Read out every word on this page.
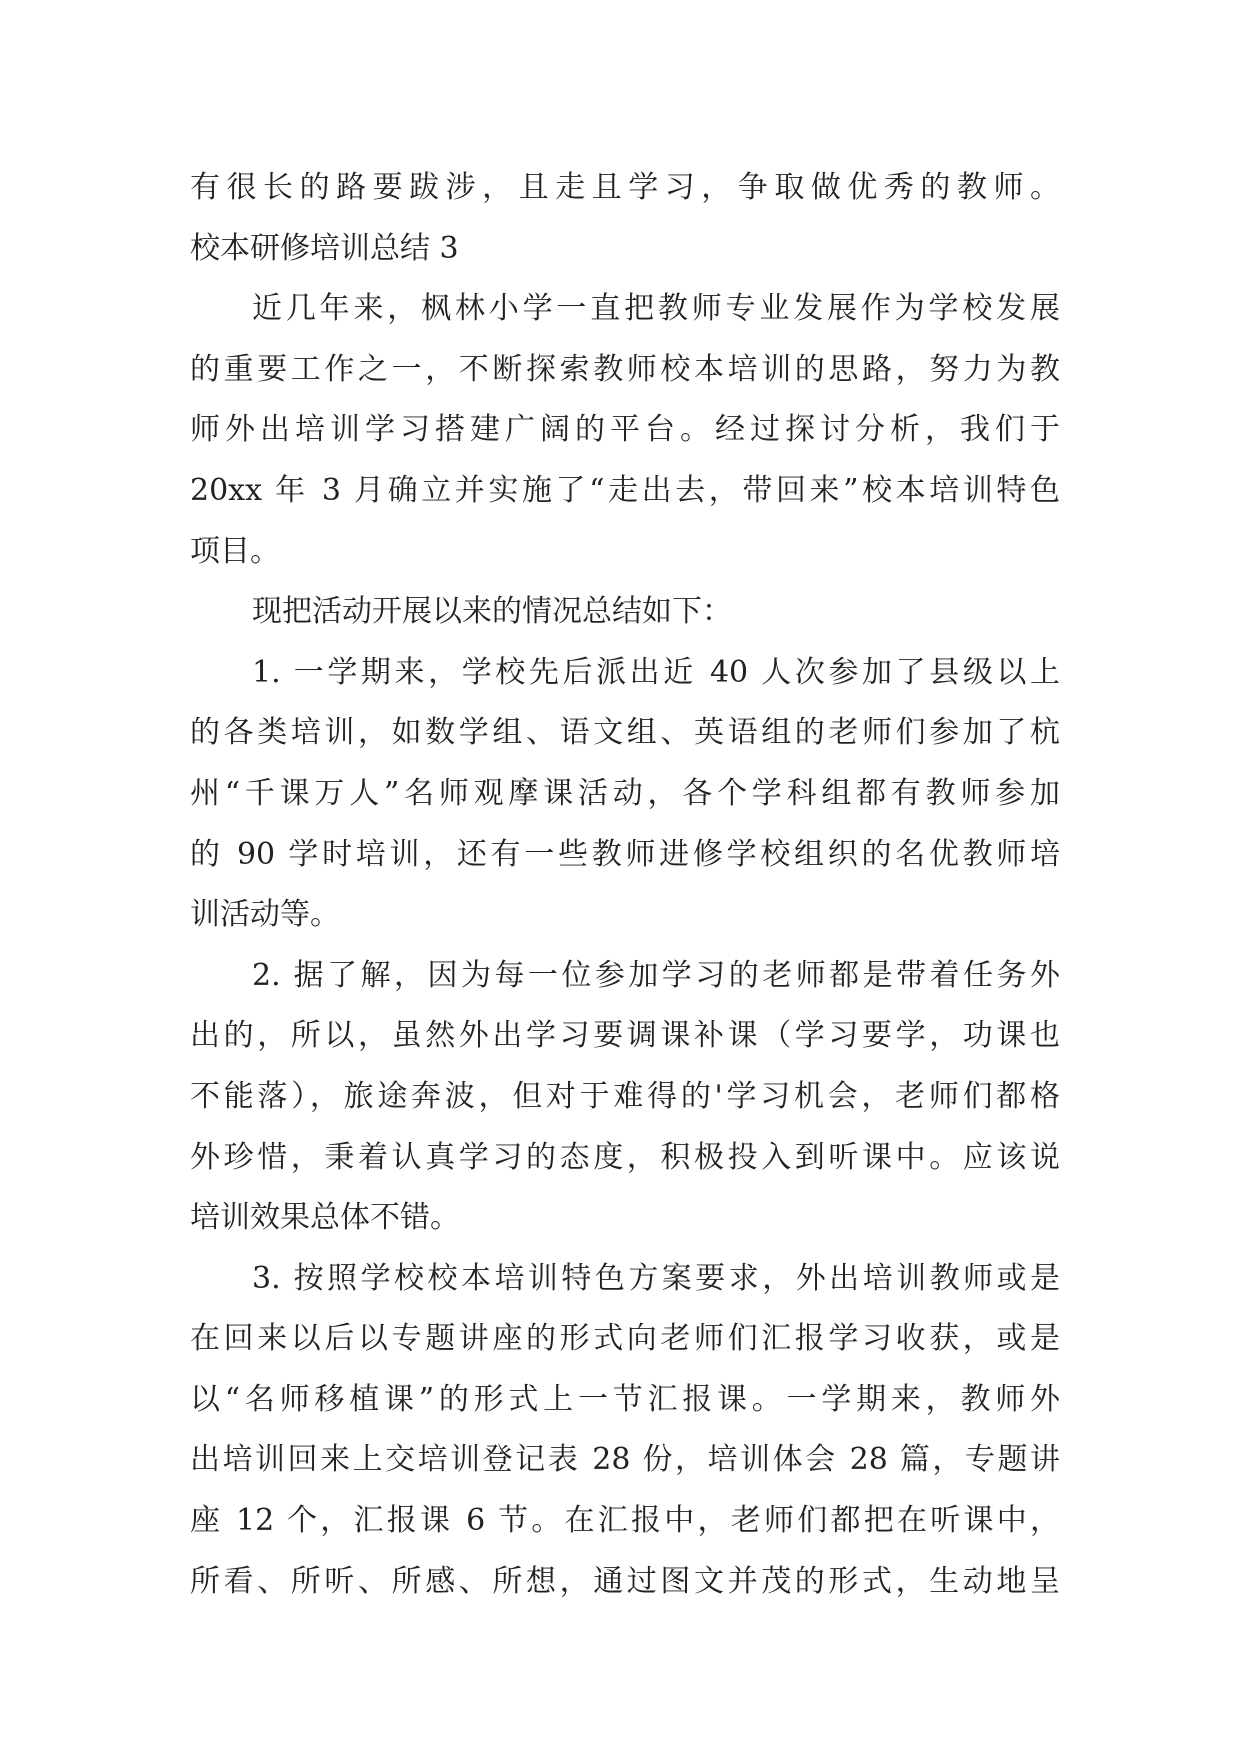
有很长的路要跋涉，且走且学习，争取做优秀的教师。
校本研修培训总结 3
近几年来，枫林小学一直把教师专业发展作为学校发展
的重要工作之一，不断探索教师校本培训的思路，努力为教
师外出培训学习搭建广阔的平台。经过探讨分析，我们于
20xx 年 3 月确立并实施了“走出去，带回来”校本培训特色
项目。
现把活动开展以来的情况总结如下：
1. 一学期来，学校先后派出近 40 人次参加了县级以上
的各类培训，如数学组、语文组、英语组的老师们参加了杭
州“千课万人”名师观摩课活动，各个学科组都有教师参加
的 90 学时培训，还有一些教师进修学校组织的名优教师培
训活动等。
2. 据了解，因为每一位参加学习的老师都是带着任务外
出的，所以，虽然外出学习要调课补课（学习要学，功课也
不能落），旅途奔波，但对于难得的'学习机会，老师们都格
外珍惜，秉着认真学习的态度，积极投入到听课中。应该说
培训效果总体不错。
3. 按照学校校本培训特色方案要求，外出培训教师或是
在回来以后以专题讲座的形式向老师们汇报学习收获，或是
以“名师移植课”的形式上一节汇报课。一学期来，教师外
出培训回来上交培训登记表 28 份，培训体会 28 篇，专题讲
座 12 个，汇报课 6 节。在汇报中，老师们都把在听课中，
所看、所听、所感、所想，通过图文并茂的形式，生动地呈
